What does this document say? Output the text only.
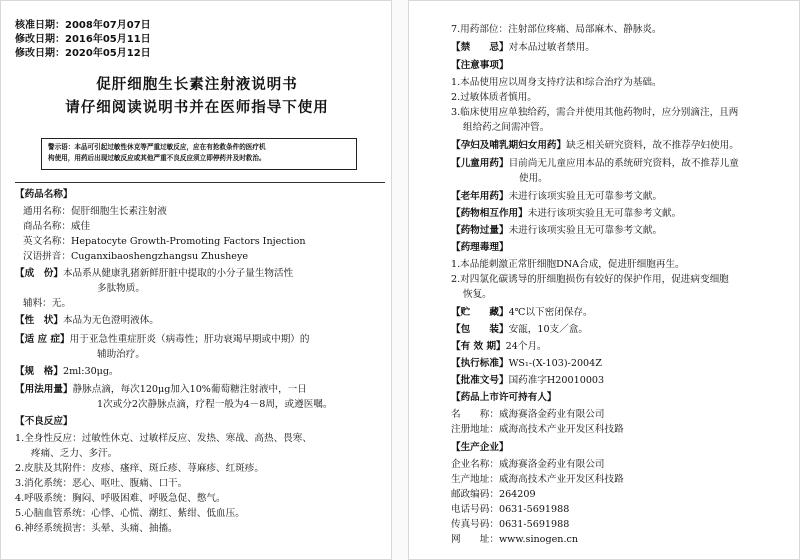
核准日期：2008年07月07日
修改日期：2016年05月11日
修改日期：2020年05月12日
促肝细胞生长素注射液说明书
请仔细阅读说明书并在医师指导下使用
警示语：本品可引起过敏性休克等严重过敏反应，应在有抢救条件的医疗机
构使用，用药后出现过敏反应或其他严重不良反应须立即停药并及时救治。
【药品名称】
通用名称：促肝细胞生长素注射液
商品名称：威佳
英文名称：Hepatocyte Growth-Promoting Factors Injection
汉语拼音：Cuganxibaoshengzhangsu Zhusheye
【成　份】本品系从健康乳猪新鲜肝脏中提取的小分子量生物活性
多肽物质。
辅料：无。
【性　状】本品为无色澄明液体。
【适 应 症】用于亚急性重症肝炎（病毒性；肝功衰竭早期或中期）的
辅助治疗。
【规　格】2ml:30μg。
【用法用量】静脉点滴，每次120μg加入10%葡萄糖注射液中，一日
1次或分2次静脉点滴，疗程一般为4－8周，或遵医嘱。
【不良反应】
1.全身性反应：过敏性休克、过敏样反应、发热、寒战、高热、畏寒、
疼痛、乏力、多汗。
2.皮肤及其附件：皮疹、瘙痒、斑丘疹、荨麻疹、红斑疹。
3.消化系统：恶心、呕吐、腹痛、口干。
4.呼吸系统：胸闷、呼吸困难、呼吸急促、憋气。
5.心脑血管系统：心悸、心慌、潮红、紫绀、低血压。
6.神经系统损害：头晕、头痛、抽搐。
7.用药部位：注射部位疼痛、局部麻木、静脉炎。
【禁　　忌】对本品过敏者禁用。
【注意事项】
1.本品使用应以周身支持疗法和综合治疗为基础。
2.过敏体质者慎用。
3.临床使用应单独给药，需合并使用其他药物时，应分别滴注，且两
组给药之间需冲管。
【孕妇及哺乳期妇女用药】缺乏相关研究资料，故不推荐孕妇使用。
【儿童用药】目前尚无儿童应用本品的系统研究资料，故不推荐儿童
使用。
【老年用药】未进行该项实验且无可靠参考文献。
【药物相互作用】未进行该项实验且无可靠参考文献。
【药物过量】未进行该项实验且无可靠参考文献。
【药理毒理】
1.本品能刺激正常肝细胞DNA合成，促进肝细胞再生。
2.对四氯化碳诱导的肝细胞损伤有较好的保护作用，促进病变细胞
恢复。
【贮　　藏】4℃以下密闭保存。
【包　　装】安瓿，10支／盒。
【有 效 期】24个月。
【执行标准】WS₁-(X-103)-2004Z
【批准文号】国药准字H20010003
【药品上市许可持有人】
名　　称：威海赛洛金药业有限公司
注册地址：威海高技术产业开发区科技路
【生产企业】
企业名称：威海赛洛金药业有限公司
生产地址：威海高技术产业开发区科技路
邮政编码：264209
电话号码：0631-5691988
传真号码：0631-5691988
网　　址：www.sinogen.cn
